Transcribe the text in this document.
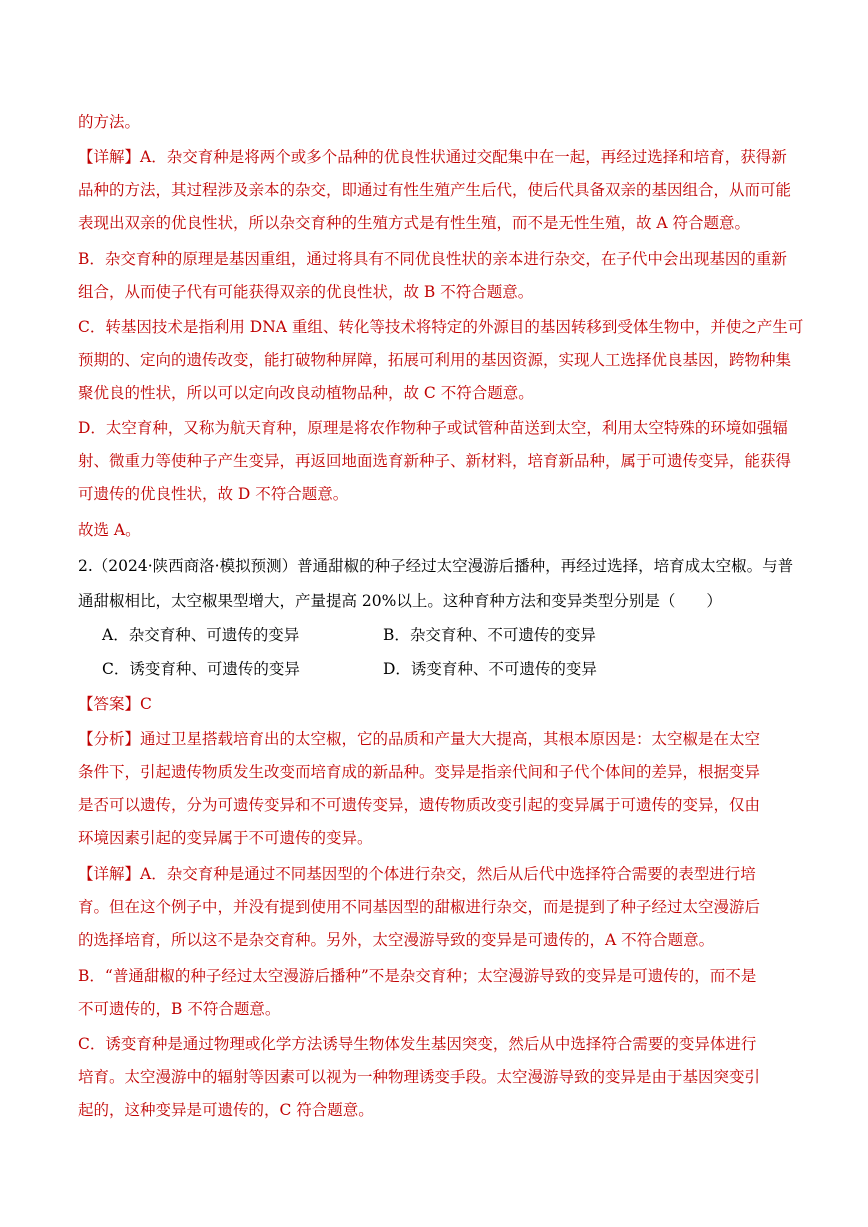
的方法。
【详解】A．杂交育种是将两个或多个品种的优良性状通过交配集中在一起，再经过选择和培育，获得新
品种的方法，其过程涉及亲本的杂交，即通过有性生殖产生后代，使后代具备双亲的基因组合，从而可能
表现出双亲的优良性状，所以杂交育种的生殖方式是有性生殖，而不是无性生殖，故 A 符合题意。
B．杂交育种的原理是基因重组，通过将具有不同优良性状的亲本进行杂交，在子代中会出现基因的重新
组合，从而使子代有可能获得双亲的优良性状，故 B 不符合题意。
C．转基因技术是指利用 DNA 重组、转化等技术将特定的外源目的基因转移到受体生物中，并使之产生可
预期的、定向的遗传改变，能打破物种屏障，拓展可利用的基因资源，实现人工选择优良基因，跨物种集
聚优良的性状，所以可以定向改良动植物品种，故 C 不符合题意。
D．太空育种，又称为航天育种，原理是将农作物种子或试管种苗送到太空，利用太空特殊的环境如强辐
射、微重力等使种子产生变异，再返回地面选育新种子、新材料，培育新品种，属于可遗传变异，能获得
可遗传的优良性状，故 D 不符合题意。
故选 A。
2.（2024·陕西商洛·模拟预测）普通甜椒的种子经过太空漫游后播种，再经过选择，培育成太空椒。与普
通甜椒相比，太空椒果型增大，产量提高 20%以上。这种育种方法和变异类型分别是（　　）
A．杂交育种、可遗传的变异	B．杂交育种、不可遗传的变异
C．诱变育种、可遗传的变异	D．诱变育种、不可遗传的变异
【答案】C
【分析】通过卫星搭载培育出的太空椒，它的品质和产量大大提高，其根本原因是：太空椒是在太空
条件下，引起遗传物质发生改变而培育成的新品种。变异是指亲代间和子代个体间的差异，根据变异
是否可以遗传，分为可遗传变异和不可遗传变异，遗传物质改变引起的变异属于可遗传的变异，仅由
环境因素引起的变异属于不可遗传的变异。
【详解】A．杂交育种是通过不同基因型的个体进行杂交，然后从后代中选择符合需要的表型进行培
育。但在这个例子中，并没有提到使用不同基因型的甜椒进行杂交，而是提到了种子经过太空漫游后
的选择培育，所以这不是杂交育种。另外，太空漫游导致的变异是可遗传的，A 不符合题意。
B．“普通甜椒的种子经过太空漫游后播种”不是杂交育种；太空漫游导致的变异是可遗传的，而不是
不可遗传的，B 不符合题意。
C．诱变育种是通过物理或化学方法诱导生物体发生基因突变，然后从中选择符合需要的变异体进行
培育。太空漫游中的辐射等因素可以视为一种物理诱变手段。太空漫游导致的变异是由于基因突变引
起的，这种变异是可遗传的，C 符合题意。
